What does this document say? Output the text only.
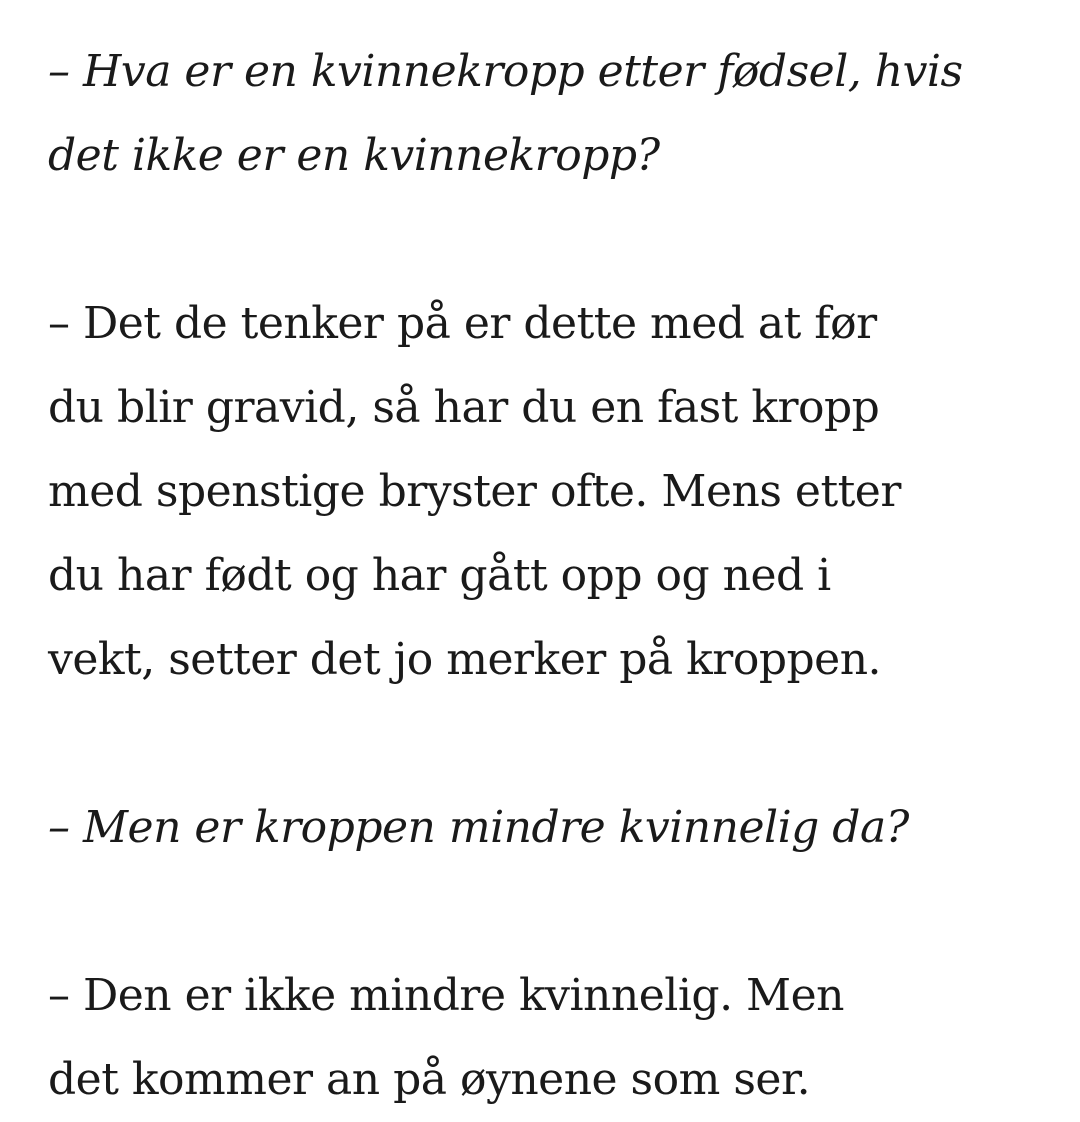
– Hva er en kvinnekropp etter fødsel, hvis
det ikke er en kvinnekropp?

– Det de tenker på er dette med at før
du blir gravid, så har du en fast kropp
med spenstige bryster ofte. Mens etter
du har født og har gått opp og ned i
vekt, setter det jo merker på kroppen.

– Men er kroppen mindre kvinnelig da?

– Den er ikke mindre kvinnelig. Men
det kommer an på øynene som ser.
